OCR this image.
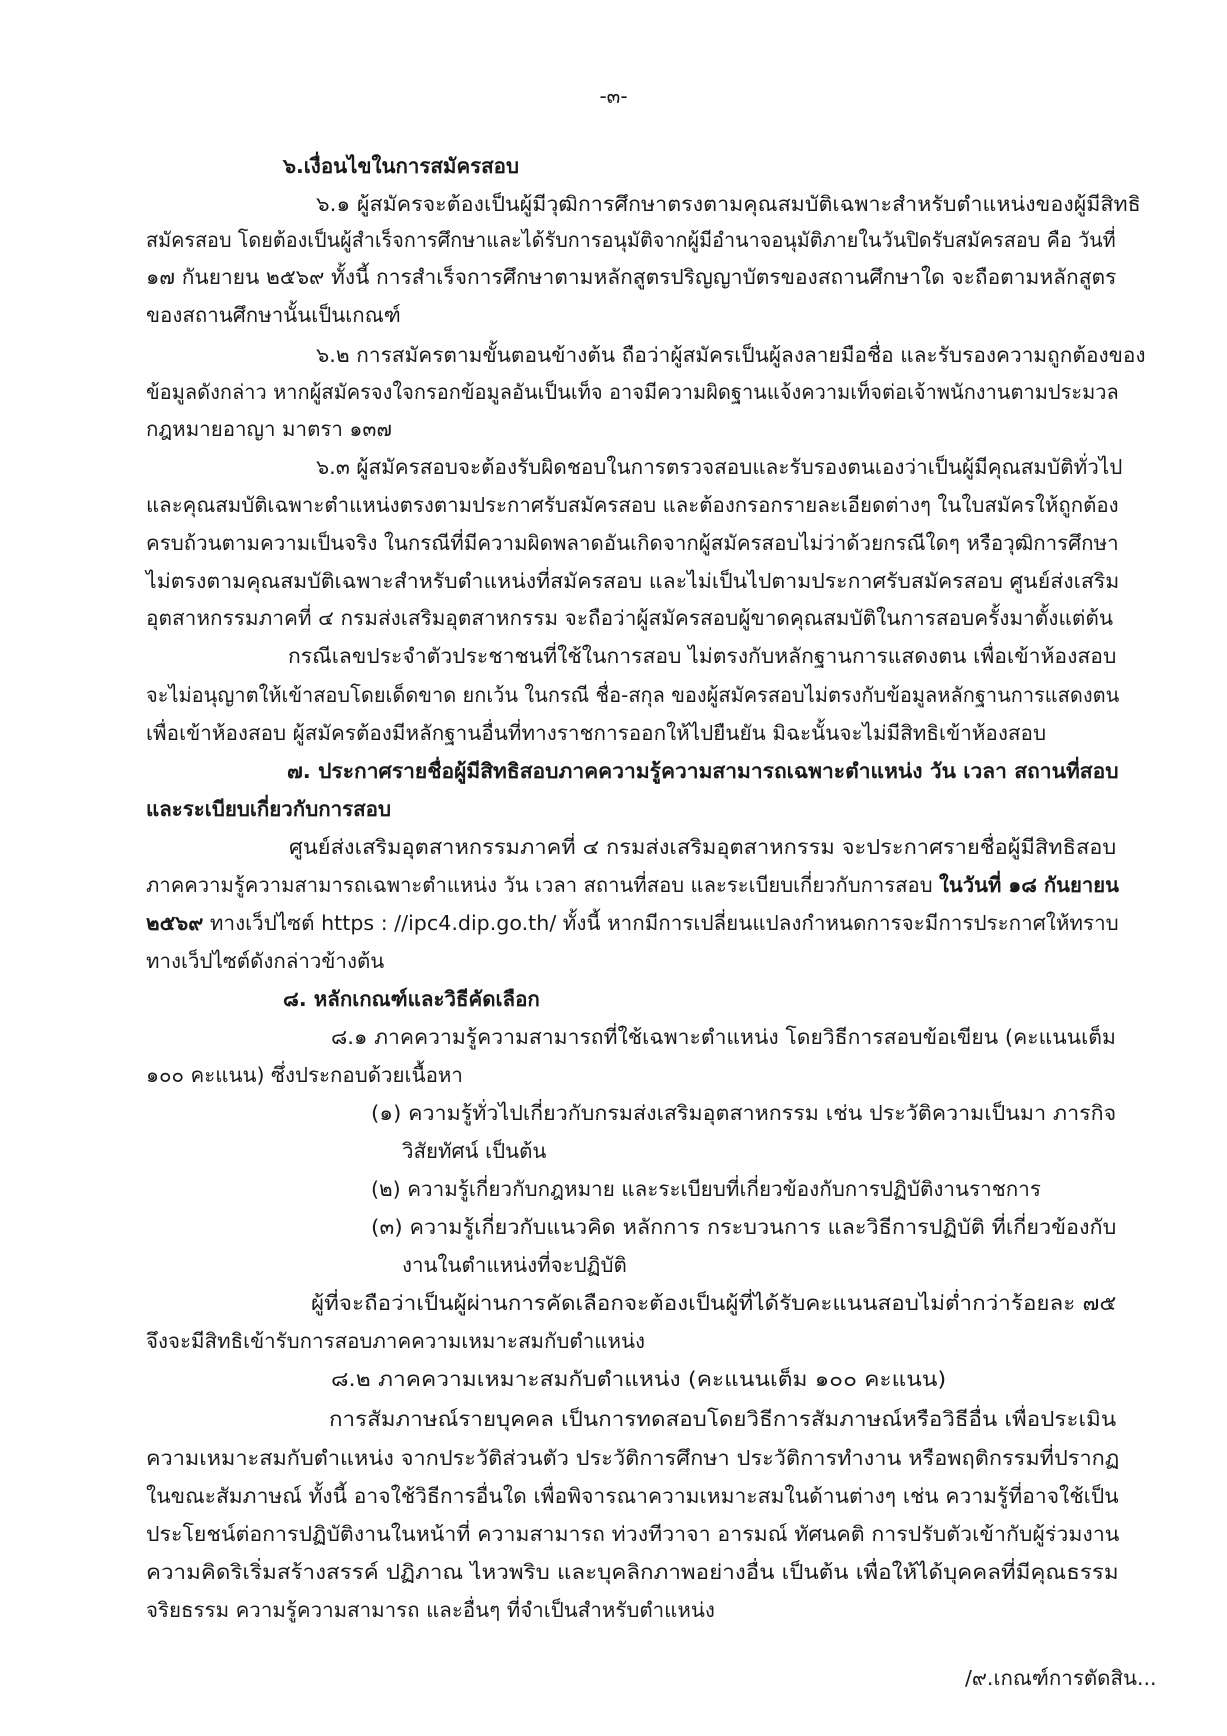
-๓-
๖.เงื่อนไขในการสมัครสอบ
๖.๑ ผู้สมัครจะต้องเป็นผู้มีวุฒิการศึกษาตรงตามคุณสมบัติเฉพาะสำหรับตำแหน่งของผู้มีสิทธิ
สมัครสอบ โดยต้องเป็นผู้สำเร็จการศึกษาและได้รับการอนุมัติจากผู้มีอำนาจอนุมัติภายในวันปิดรับสมัครสอบ คือ วันที่
๑๗ กันยายน ๒๕๖๙ ทั้งนี้ การสำเร็จการศึกษาตามหลักสูตรปริญญาบัตรของสถานศึกษาใด จะถือตามหลักสูตร
ของสถานศึกษานั้นเป็นเกณฑ์
๖.๒ การสมัครตามขั้นตอนข้างต้น ถือว่าผู้สมัครเป็นผู้ลงลายมือชื่อ และรับรองความถูกต้องของ
ข้อมูลดังกล่าว หากผู้สมัครจงใจกรอกข้อมูลอันเป็นเท็จ อาจมีความผิดฐานแจ้งความเท็จต่อเจ้าพนักงานตามประมวล
กฎหมายอาญา มาตรา ๑๓๗
๖.๓ ผู้สมัครสอบจะต้องรับผิดชอบในการตรวจสอบและรับรองตนเองว่าเป็นผู้มีคุณสมบัติทั่วไป
และคุณสมบัติเฉพาะตำแหน่งตรงตามประกาศรับสมัครสอบ และต้องกรอกรายละเอียดต่างๆ ในใบสมัครให้ถูกต้อง
ครบถ้วนตามความเป็นจริง ในกรณีที่มีความผิดพลาดอันเกิดจากผู้สมัครสอบไม่ว่าด้วยกรณีใดๆ หรือวุฒิการศึกษา
ไม่ตรงตามคุณสมบัติเฉพาะสำหรับตำแหน่งที่สมัครสอบ และไม่เป็นไปตามประกาศรับสมัครสอบ ศูนย์ส่งเสริม
อุตสาหกรรมภาคที่ ๔ กรมส่งเสริมอุตสาหกรรม จะถือว่าผู้สมัครสอบผู้ขาดคุณสมบัติในการสอบครั้งมาตั้งแต่ต้น
กรณีเลขประจำตัวประชาชนที่ใช้ในการสอบ ไม่ตรงกับหลักฐานการแสดงตน เพื่อเข้าห้องสอบ
จะไม่อนุญาตให้เข้าสอบโดยเด็ดขาด ยกเว้น ในกรณี ชื่อ-สกุล ของผู้สมัครสอบไม่ตรงกับข้อมูลหลักฐานการแสดงตน
เพื่อเข้าห้องสอบ ผู้สมัครต้องมีหลักฐานอื่นที่ทางราชการออกให้ไปยืนยัน มิฉะนั้นจะไม่มีสิทธิเข้าห้องสอบ
๗. ประกาศรายชื่อผู้มีสิทธิสอบภาคความรู้ความสามารถเฉพาะตำแหน่ง วัน เวลา สถานที่สอบ
และระเบียบเกี่ยวกับการสอบ
ศูนย์ส่งเสริมอุตสาหกรรมภาคที่ ๔ กรมส่งเสริมอุตสาหกรรม จะประกาศรายชื่อผู้มีสิทธิสอบ
ภาคความรู้ความสามารถเฉพาะตำแหน่ง วัน เวลา สถานที่สอบ และระเบียบเกี่ยวกับการสอบ ในวันที่ ๑๘ กันยายน
๒๕๖๙ ทางเว็ปไซต์ https : //ipc4.dip.go.th/ ทั้งนี้ หากมีการเปลี่ยนแปลงกำหนดการจะมีการประกาศให้ทราบ
ทางเว็ปไซต์ดังกล่าวข้างต้น
๘. หลักเกณฑ์และวิธีคัดเลือก
๘.๑ ภาคความรู้ความสามารถที่ใช้เฉพาะตำแหน่ง โดยวิธีการสอบข้อเขียน (คะแนนเต็ม
๑๐๐ คะแนน) ซึ่งประกอบด้วยเนื้อหา
(๑) ความรู้ทั่วไปเกี่ยวกับกรมส่งเสริมอุตสาหกรรม เช่น ประวัติความเป็นมา ภารกิจ
วิสัยทัศน์ เป็นต้น
(๒) ความรู้เกี่ยวกับกฎหมาย และระเบียบที่เกี่ยวข้องกับการปฏิบัติงานราชการ
(๓) ความรู้เกี่ยวกับแนวคิด หลักการ กระบวนการ และวิธีการปฏิบัติ ที่เกี่ยวข้องกับ
งานในตำแหน่งที่จะปฏิบัติ
ผู้ที่จะถือว่าเป็นผู้ผ่านการคัดเลือกจะต้องเป็นผู้ที่ได้รับคะแนนสอบไม่ต่ำกว่าร้อยละ ๗๕
จึงจะมีสิทธิเข้ารับการสอบภาคความเหมาะสมกับตำแหน่ง
๘.๒ ภาคความเหมาะสมกับตำแหน่ง (คะแนนเต็ม ๑๐๐ คะแนน)
การสัมภาษณ์รายบุคคล เป็นการทดสอบโดยวิธีการสัมภาษณ์หรือวิธีอื่น เพื่อประเมิน
ความเหมาะสมกับตำแหน่ง จากประวัติส่วนตัว ประวัติการศึกษา ประวัติการทำงาน หรือพฤติกรรมที่ปรากฏ
ในขณะสัมภาษณ์ ทั้งนี้ อาจใช้วิธีการอื่นใด เพื่อพิจารณาความเหมาะสมในด้านต่างๆ เช่น ความรู้ที่อาจใช้เป็น
ประโยชน์ต่อการปฏิบัติงานในหน้าที่ ความสามารถ ท่วงทีวาจา อารมณ์ ทัศนคติ การปรับตัวเข้ากับผู้ร่วมงาน
ความคิดริเริ่มสร้างสรรค์ ปฏิภาณ ไหวพริบ และบุคลิกภาพอย่างอื่น เป็นต้น เพื่อให้ได้บุคคลที่มีคุณธรรม
จริยธรรม ความรู้ความสามารถ และอื่นๆ ที่จำเป็นสำหรับตำแหน่ง
/๙.เกณฑ์การตัดสิน...
